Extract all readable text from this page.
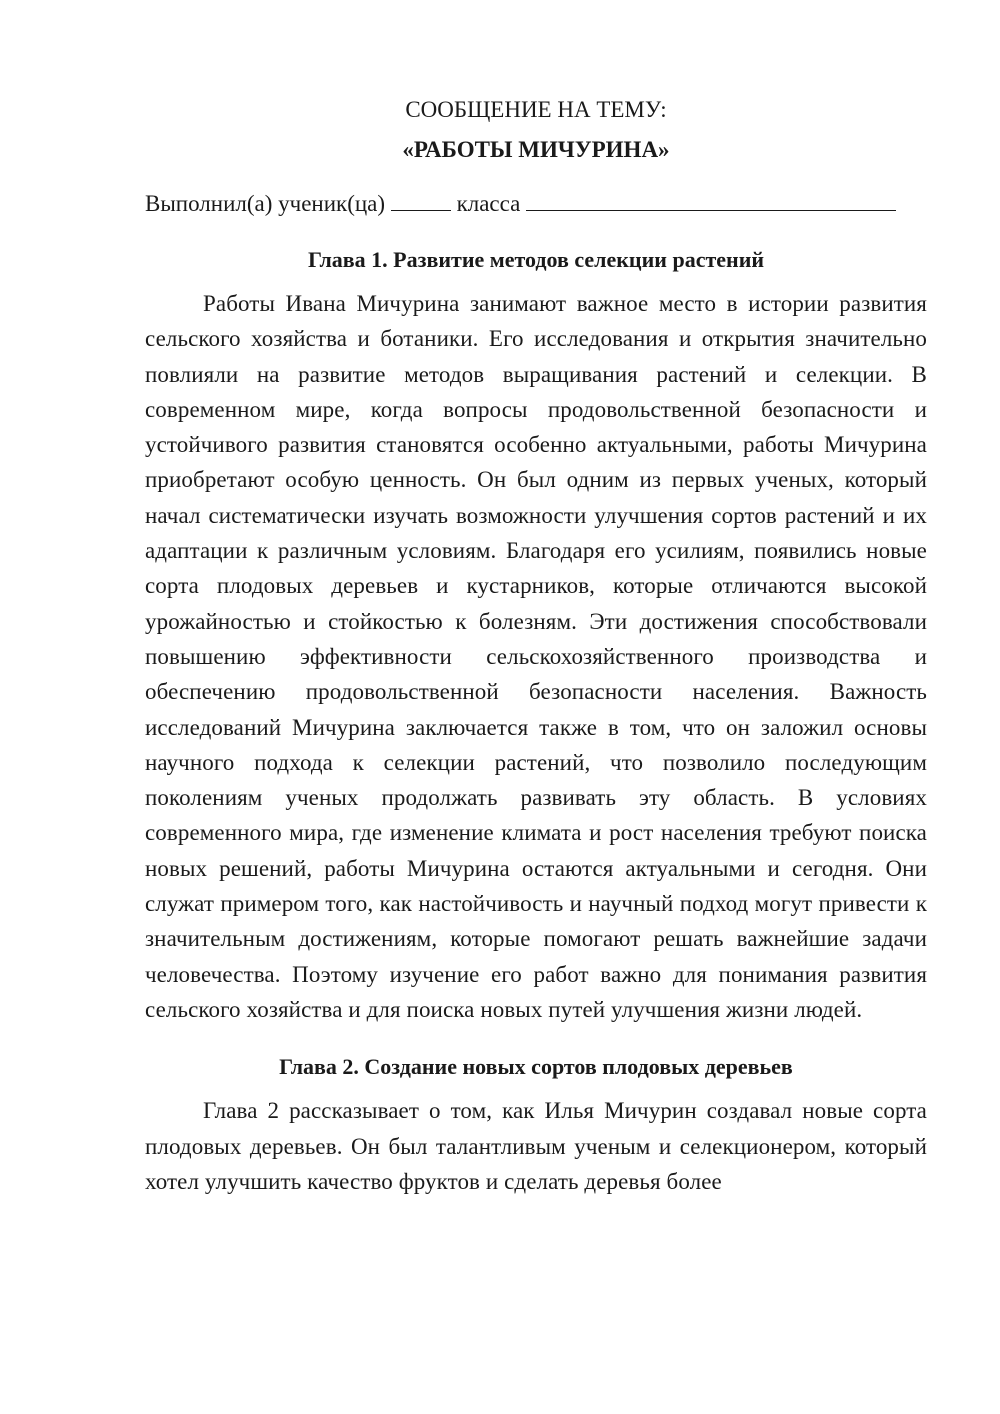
СООБЩЕНИЕ НА ТЕМУ:

«РАБОТЫ МИЧУРИНА»

Выполнил(а) ученик(ца)	класса

Глава 1. Развитие методов селекции растений

Работы Ивана Мичурина занимают важное место в истории развития сельского хозяйства и ботаники. Его исследования и открытия значительно повлияли на развитие методов выращивания растений и селекции. В современном мире, когда вопросы продовольственной безопасности и устойчивого развития становятся особенно актуальными, работы Мичурина приобретают особую ценность. Он был одним из первых ученых, который начал систематически изучать возможности улучшения сортов растений и их адаптации к различным условиям. Благодаря его усилиям, появились новые сорта плодовых деревьев и кустарников, которые отличаются высокой урожайностью и стойкостью к болезням. Эти достижения способствовали повышению эффективности сельскохозяйственного производства и обеспечению продовольственной безопасности населения. Важность исследований Мичурина заключается также в том, что он заложил основы научного подхода к селекции растений, что позволило последующим поколениям ученых продолжать развивать эту область. В условиях современного мира, где изменение климата и рост населения требуют поиска новых решений, работы Мичурина остаются актуальными и сегодня. Они служат примером того, как настойчивость и научный подход могут привести к значительным достижениям, которые помогают решать важнейшие задачи человечества. Поэтому изучение его работ важно для понимания развития сельского хозяйства и для поиска новых путей улучшения жизни людей.

Глава 2. Создание новых сортов плодовых деревьев

Глава 2 рассказывает о том, как Илья Мичурин создавал новые сорта плодовых деревьев. Он был талантливым ученым и селекционером, который хотел улучшить качество фруктов и сделать деревья более
